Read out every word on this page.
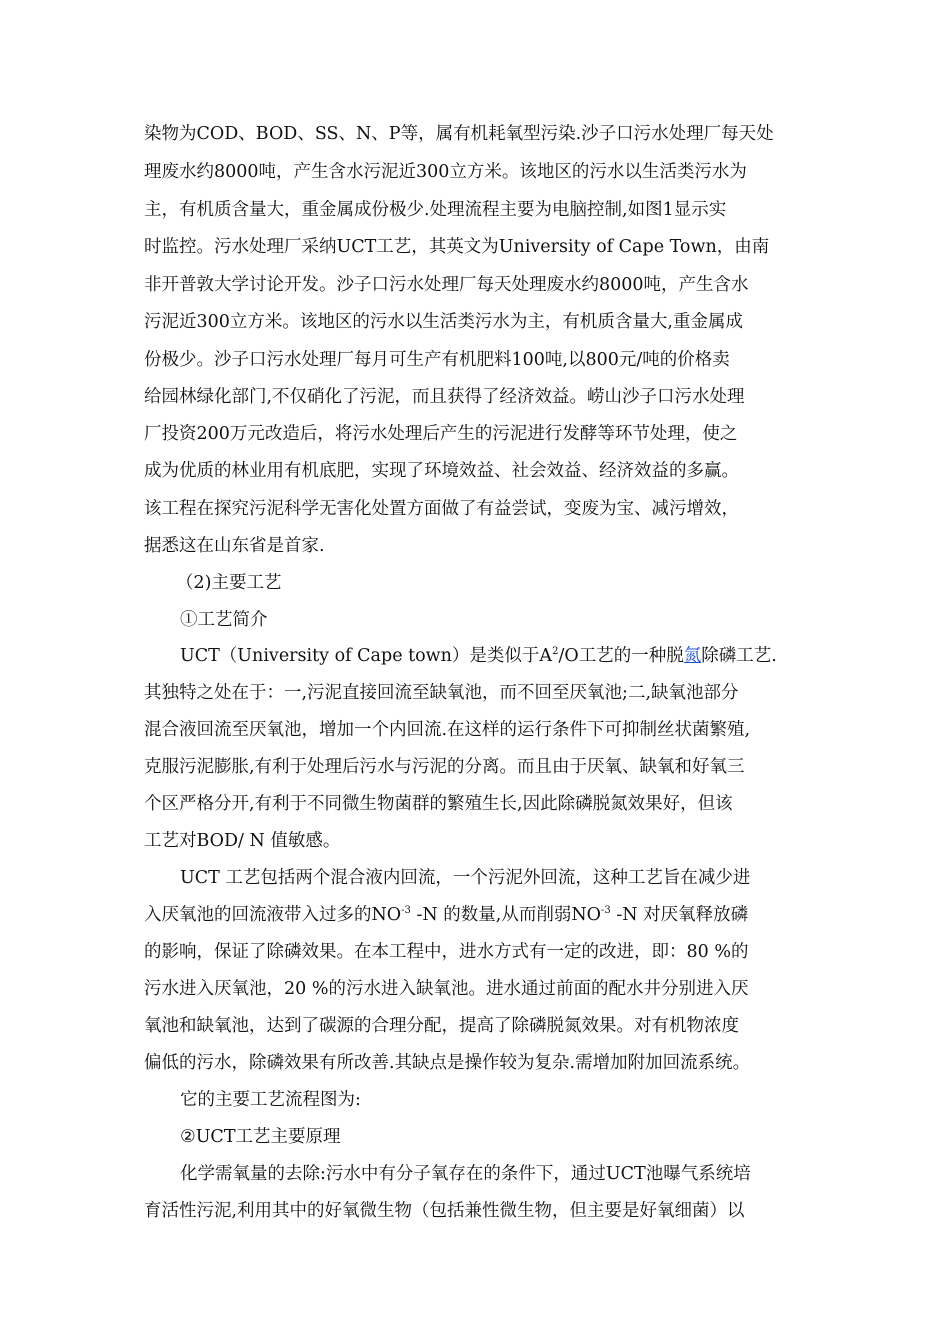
染物为COD、BOD、SS、N、P等，属有机耗氧型污染.沙子口污水处理厂每天处
理废水约8000吨，产生含水污泥近300立方米。该地区的污水以生活类污水为
主，有机质含量大，重金属成份极少.处理流程主要为电脑控制,如图1显示实
时监控。污水处理厂采纳UCT工艺，其英文为University of Cape Town，由南
非开普敦大学讨论开发。沙子口污水处理厂每天处理废水约8000吨，产生含水
污泥近300立方米。该地区的污水以生活类污水为主，有机质含量大,重金属成
份极少。沙子口污水处理厂每月可生产有机肥料100吨,以800元/吨的价格卖
给园林绿化部门,不仅硝化了污泥，而且获得了经济效益。崂山沙子口污水处理
厂投资200万元改造后，将污水处理后产生的污泥进行发酵等环节处理，使之
成为优质的林业用有机底肥，实现了环境效益、社会效益、经济效益的多赢。
该工程在探究污泥科学无害化处置方面做了有益尝试，变废为宝、减污增效，
据悉这在山东省是首家.
（2)主要工艺
①工艺简介
UCT（University of Cape town）是类似于$A^2/O$工艺的一种脱氮除磷工艺.
其独特之处在于：一,污泥直接回流至缺氧池，而不回至厌氧池;二,缺氧池部分
混合液回流至厌氧池，增加一个内回流.在这样的运行条件下可抑制丝状菌繁殖,
克服污泥膨胀,有利于处理后污水与污泥的分离。而且由于厌氧、缺氧和好氧三
个区严格分开,有利于不同微生物菌群的繁殖生长,因此除磷脱氮效果好，但该
工艺对BOD/ N 值敏感。
UCT 工艺包括两个混合液内回流，一个污泥外回流，这种工艺旨在减少进
入厌氧池的回流液带入过多的$NO^{-3}$ -N 的数量,从而削弱$NO^{-3}$ -N 对厌氧释放磷
的影响，保证了除磷效果。在本工程中，进水方式有一定的改进，即：80 %的
污水进入厌氧池，20 %的污水进入缺氧池。进水通过前面的配水井分别进入厌
氧池和缺氧池，达到了碳源的合理分配，提高了除磷脱氮效果。对有机物浓度
偏低的污水，除磷效果有所改善.其缺点是操作较为复杂.需增加附加回流系统。
它的主要工艺流程图为:
②UCT工艺主要原理
化学需氧量的去除:污水中有分子氧存在的条件下，通过UCT池曝气系统培
育活性污泥,利用其中的好氧微生物（包括兼性微生物，但主要是好氧细菌）以
